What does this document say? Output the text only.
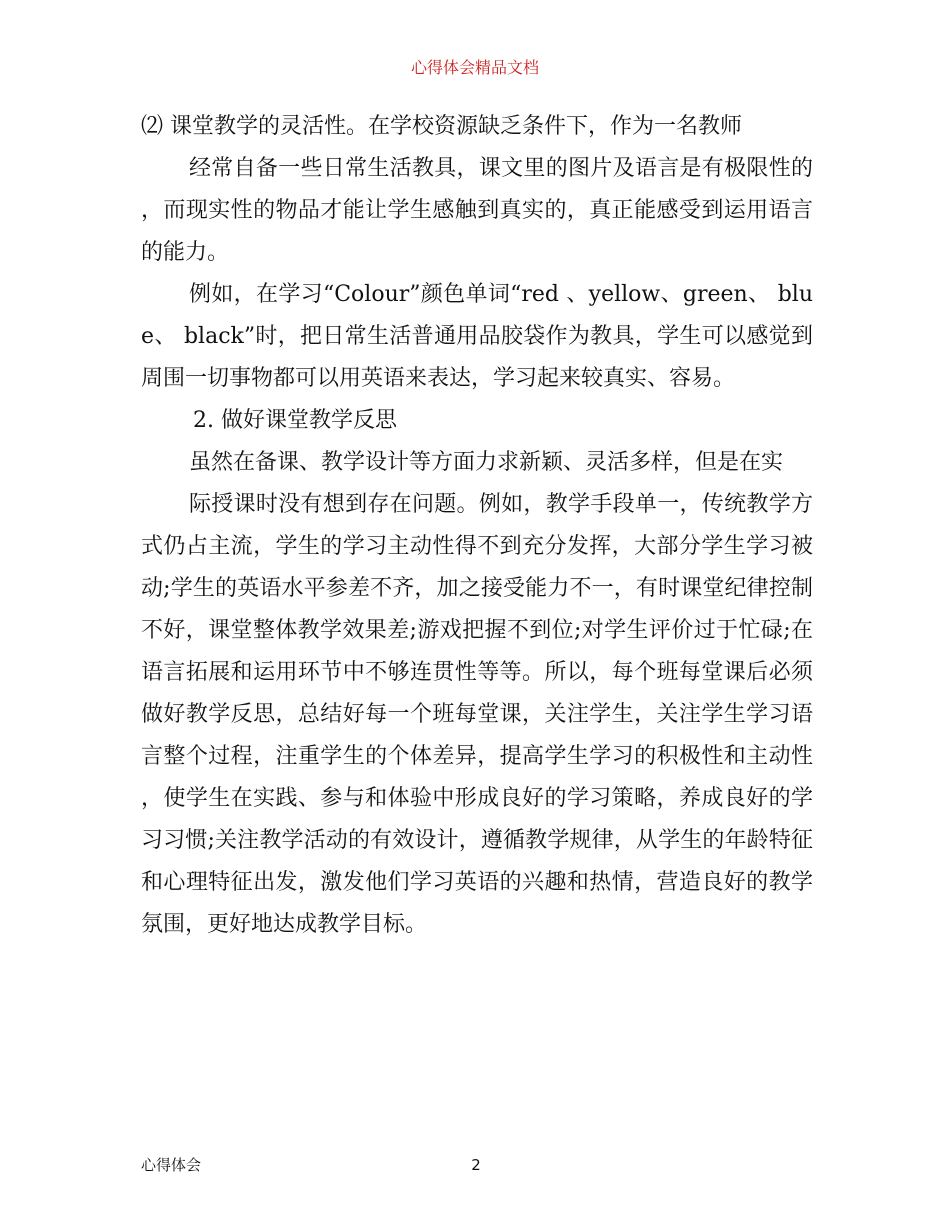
心得体会精品文档

⑵ 课堂教学的灵活性。在学校资源缺乏条件下，作为一名教师

经常自备一些日常生活教具，课文里的图片及语言是有极限性的，而现实性的物品才能让学生感触到真实的，真正能感受到运用语言的能力。

例如，在学习“Colour”颜色单词“red 、yellow、green、 blue、 black”时，把日常生活普通用品胶袋作为教具，学生可以感觉到周围一切事物都可以用英语来表达，学习起来较真实、容易。

2. 做好课堂教学反思

虽然在备课、教学设计等方面力求新颖、灵活多样，但是在实

际授课时没有想到存在问题。例如，教学手段单一，传统教学方式仍占主流，学生的学习主动性得不到充分发挥，大部分学生学习被动;学生的英语水平参差不齐，加之接受能力不一，有时课堂纪律控制不好，课堂整体教学效果差;游戏把握不到位;对学生评价过于忙碌;在语言拓展和运用环节中不够连贯性等等。所以，每个班每堂课后必须做好教学反思，总结好每一个班每堂课，关注学生，关注学生学习语言整个过程，注重学生的个体差异，提高学生学习的积极性和主动性，使学生在实践、参与和体验中形成良好的学习策略，养成良好的学习习惯;关注教学活动的有效设计，遵循教学规律，从学生的年龄特征和心理特征出发，激发他们学习英语的兴趣和热情，营造良好的教学氛围，更好地达成教学目标。

心得体会	2
